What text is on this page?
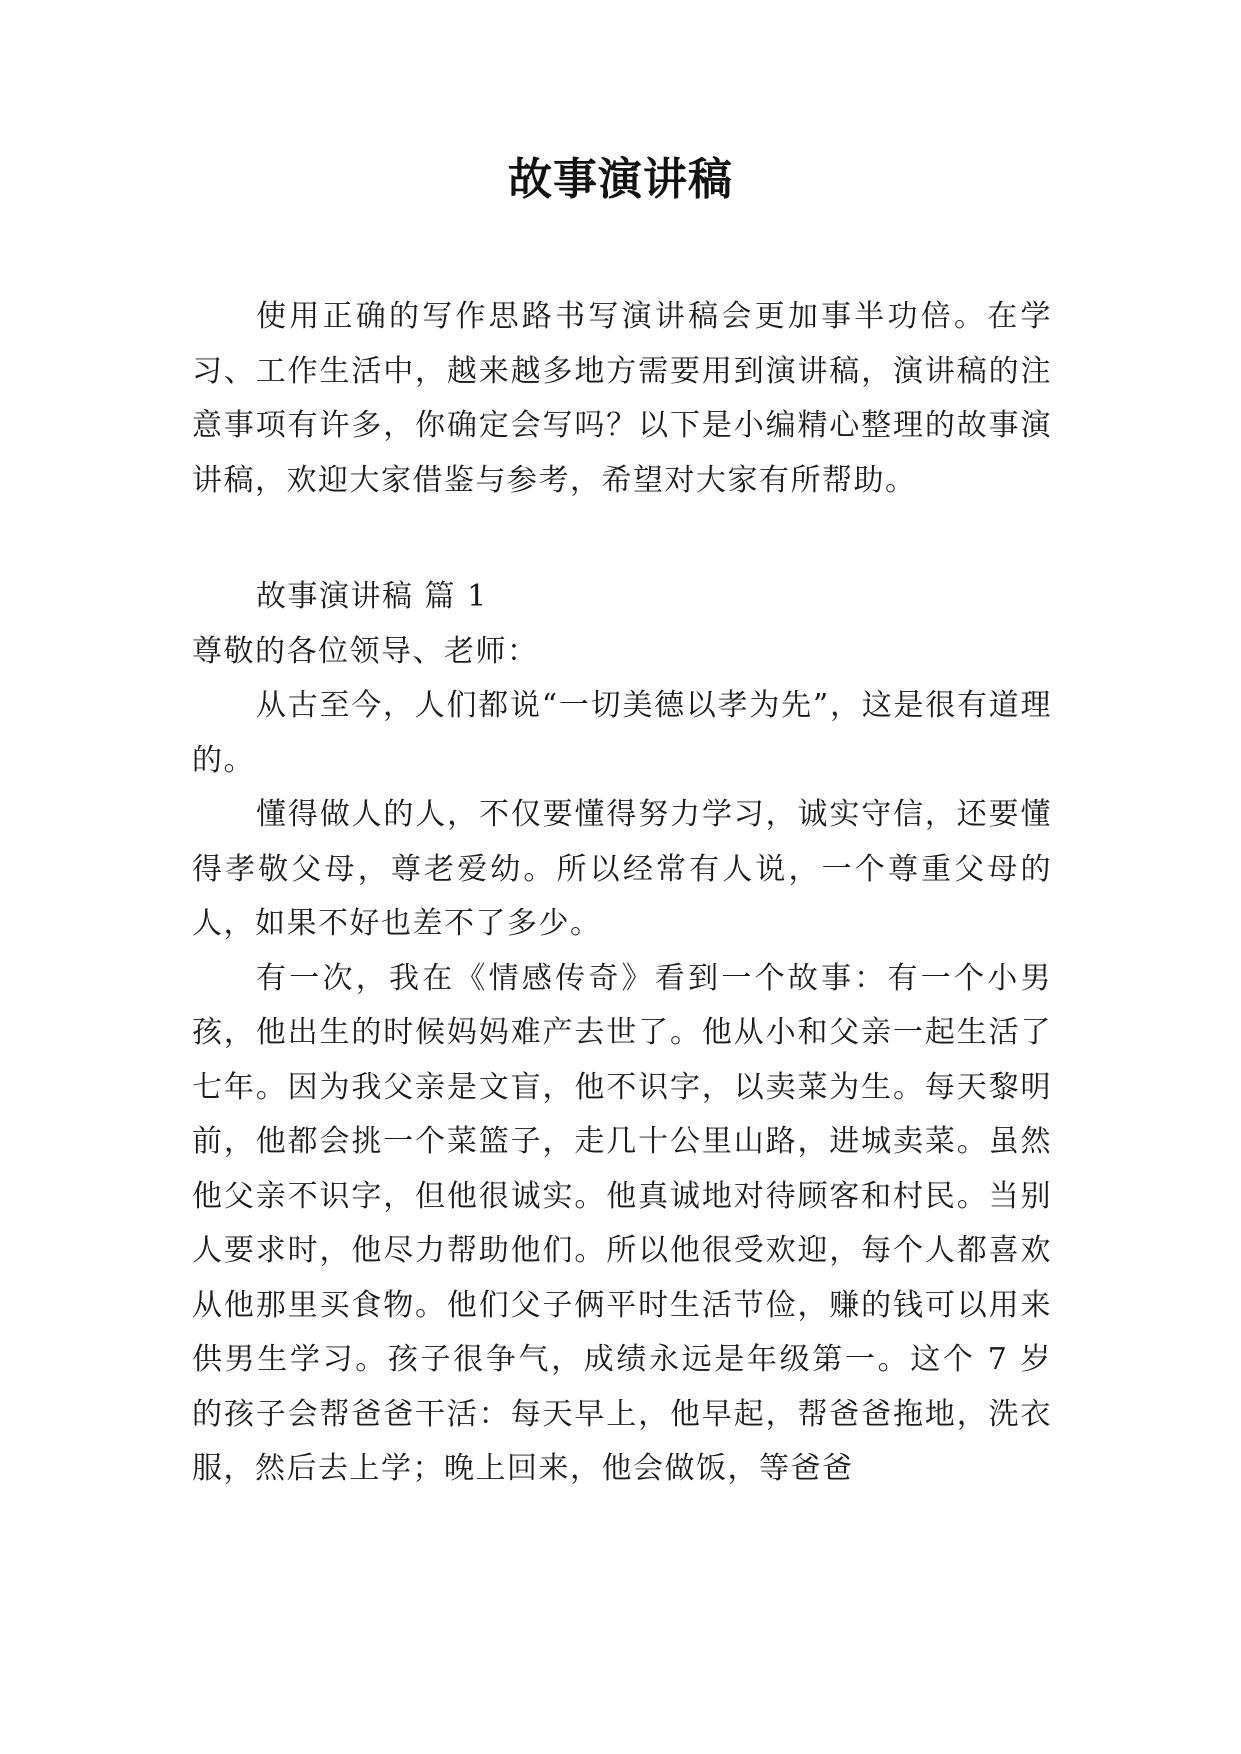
故事演讲稿

使用正确的写作思路书写演讲稿会更加事半功倍。在学习、工作生活中，越来越多地方需要用到演讲稿，演讲稿的注意事项有许多，你确定会写吗？以下是小编精心整理的故事演讲稿，欢迎大家借鉴与参考，希望对大家有所帮助。

故事演讲稿 篇 1

尊敬的各位领导、老师：

从古至今，人们都说“一切美德以孝为先”，这是很有道理的。

懂得做人的人，不仅要懂得努力学习，诚实守信，还要懂得孝敬父母，尊老爱幼。所以经常有人说，一个尊重父母的人，如果不好也差不了多少。

有一次，我在《情感传奇》看到一个故事：有一个小男孩，他出生的时候妈妈难产去世了。他从小和父亲一起生活了七年。因为我父亲是文盲，他不识字，以卖菜为生。每天黎明前，他都会挑一个菜篮子，走几十公里山路，进城卖菜。虽然他父亲不识字，但他很诚实。他真诚地对待顾客和村民。当别人要求时，他尽力帮助他们。所以他很受欢迎，每个人都喜欢从他那里买食物。他们父子俩平时生活节俭，赚的钱可以用来供男生学习。孩子很争气，成绩永远是年级第一。这个 7 岁的孩子会帮爸爸干活：每天早上，他早起，帮爸爸拖地，洗衣服，然后去上学；晚上回来，他会做饭，等爸爸
